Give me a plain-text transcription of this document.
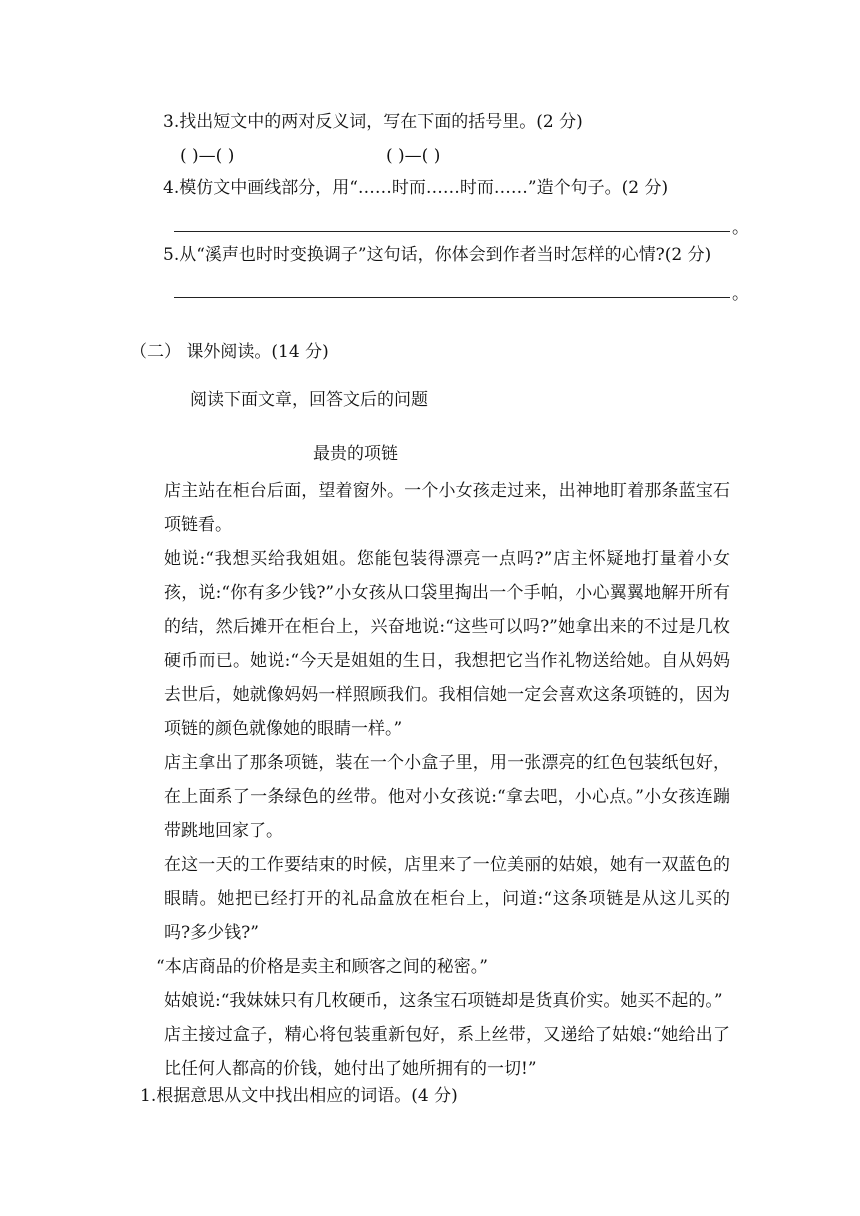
3.找出短文中的两对反义词，写在下面的括号里。(2 分)
( )—( )	( )—( )
4.模仿文中画线部分，用“……时而……时而……”造个句子。(2 分)
。
5.从“溪声也时时变换调子”这句话，你体会到作者当时怎样的心情?(2 分)
。
（二） 课外阅读。(14 分)
阅读下面文章，回答文后的问题
最贵的项链
店主站在柜台后面，望着窗外。一个小女孩走过来，出神地盯着那条蓝宝石项链看。
她说:“我想买给我姐姐。您能包装得漂亮一点吗?”店主怀疑地打量着小女孩，说:“你有多少钱?”小女孩从口袋里掏出一个手帕，小心翼翼地解开所有的结，然后摊开在柜台上，兴奋地说:“这些可以吗?”她拿出来的不过是几枚硬币而已。她说:“今天是姐姐的生日，我想把它当作礼物送给她。自从妈妈去世后，她就像妈妈一样照顾我们。我相信她一定会喜欢这条项链的，因为项链的颜色就像她的眼睛一样。”
店主拿出了那条项链，装在一个小盒子里，用一张漂亮的红色包装纸包好，在上面系了一条绿色的丝带。他对小女孩说:“拿去吧，小心点。”小女孩连蹦带跳地回家了。
在这一天的工作要结束的时候，店里来了一位美丽的姑娘，她有一双蓝色的眼睛。她把已经打开的礼品盒放在柜台上，问道:“这条项链是从这儿买的吗?多少钱?”
“本店商品的价格是卖主和顾客之间的秘密。”
姑娘说:“我妹妹只有几枚硬币，这条宝石项链却是货真价实。她买不起的。”
店主接过盒子，精心将包装重新包好，系上丝带，又递给了姑娘:“她给出了比任何人都高的价钱，她付出了她所拥有的一切!”
1.根据意思从文中找出相应的词语。(4 分)
